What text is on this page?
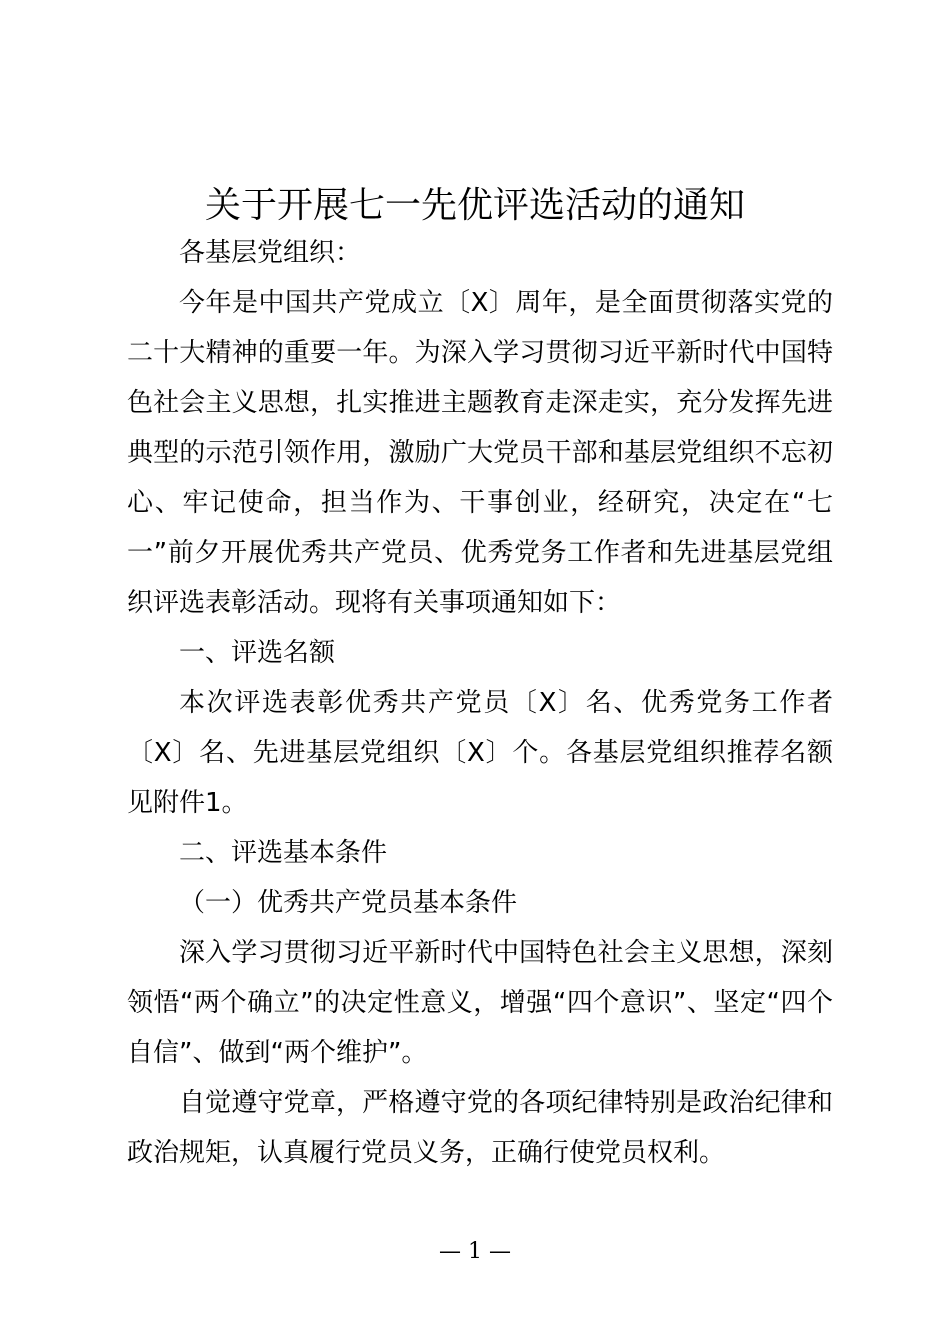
关于开展七一先优评选活动的通知

各基层党组织：

今年是中国共产党成立〔X〕周年，是全面贯彻落实党的二十大精神的重要一年。为深入学习贯彻习近平新时代中国特色社会主义思想，扎实推进主题教育走深走实，充分发挥先进典型的示范引领作用，激励广大党员干部和基层党组织不忘初心、牢记使命，担当作为、干事创业，经研究，决定在“七一”前夕开展优秀共产党员、优秀党务工作者和先进基层党组织评选表彰活动。现将有关事项通知如下：

一、评选名额

本次评选表彰优秀共产党员〔X〕名、优秀党务工作者〔X〕名、先进基层党组织〔X〕个。各基层党组织推荐名额见附件1。

二、评选基本条件

（一）优秀共产党员基本条件

深入学习贯彻习近平新时代中国特色社会主义思想，深刻领悟“两个确立”的决定性意义，增强“四个意识”、坚定“四个自信”、做到“两个维护”。

自觉遵守党章，严格遵守党的各项纪律特别是政治纪律和政治规矩，认真履行党员义务，正确行使党员权利。

— 1 —
